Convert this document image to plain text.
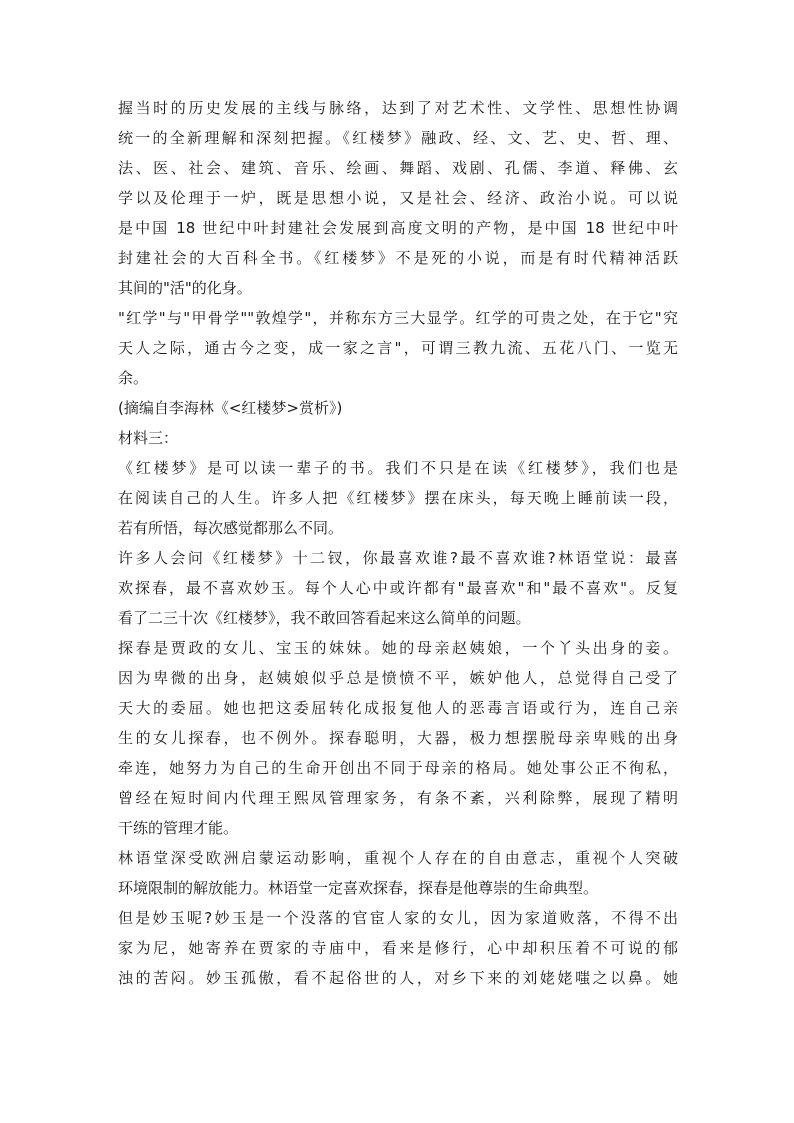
握当时的历史发展的主线与脉络，达到了对艺术性、文学性、思想性协调
统一的全新理解和深刻把握。《红楼梦》融政、经、文、艺、史、哲、理、
法、医、社会、建筑、音乐、绘画、舞蹈、戏剧、孔儒、李道、释佛、玄
学以及伦理于一炉，既是思想小说，又是社会、经济、政治小说。可以说
是中国 18 世纪中叶封建社会发展到高度文明的产物，是中国 18 世纪中叶
封建社会的大百科全书。《红楼梦》不是死的小说，而是有时代精神活跃
其间的"活"的化身。
"红学"与"甲骨学""敦煌学"，并称东方三大显学。红学的可贵之处，在于它"究
天人之际，通古今之变，成一家之言"，可谓三教九流、五花八门、一览无
余。
(摘编自李海林《<红楼梦>赏析》)
材料三：
《红楼梦》是可以读一辈子的书。我们不只是在读《红楼梦》，我们也是
在阅读自己的人生。许多人把《红楼梦》摆在床头，每天晚上睡前读一段，
若有所悟，每次感觉都那么不同。
许多人会问《红楼梦》十二钗，你最喜欢谁?最不喜欢谁?林语堂说：最喜
欢探春，最不喜欢妙玉。每个人心中或许都有"最喜欢"和"最不喜欢"。反复
看了二三十次《红楼梦》，我不敢回答看起来这么简单的问题。
探春是贾政的女儿、宝玉的妹妹。她的母亲赵姨娘，一个丫头出身的妾。
因为卑微的出身，赵姨娘似乎总是愤愤不平，嫉妒他人，总觉得自己受了
天大的委屈。她也把这委屈转化成报复他人的恶毒言语或行为，连自己亲
生的女儿探春，也不例外。探春聪明，大器，极力想摆脱母亲卑贱的出身
牵连，她努力为自己的生命开创出不同于母亲的格局。她处事公正不徇私，
曾经在短时间内代理王熙凤管理家务，有条不紊，兴利除弊，展现了精明
干练的管理才能。
林语堂深受欧洲启蒙运动影响，重视个人存在的自由意志，重视个人突破
环境限制的解放能力。林语堂一定喜欢探春，探春是他尊崇的生命典型。
但是妙玉呢?妙玉是一个没落的官宦人家的女儿，因为家道败落，不得不出
家为尼，她寄养在贾家的寺庙中，看来是修行，心中却积压着不可说的郁
浊的苦闷。妙玉孤傲，看不起俗世的人，对乡下来的刘姥姥嗤之以鼻。她
